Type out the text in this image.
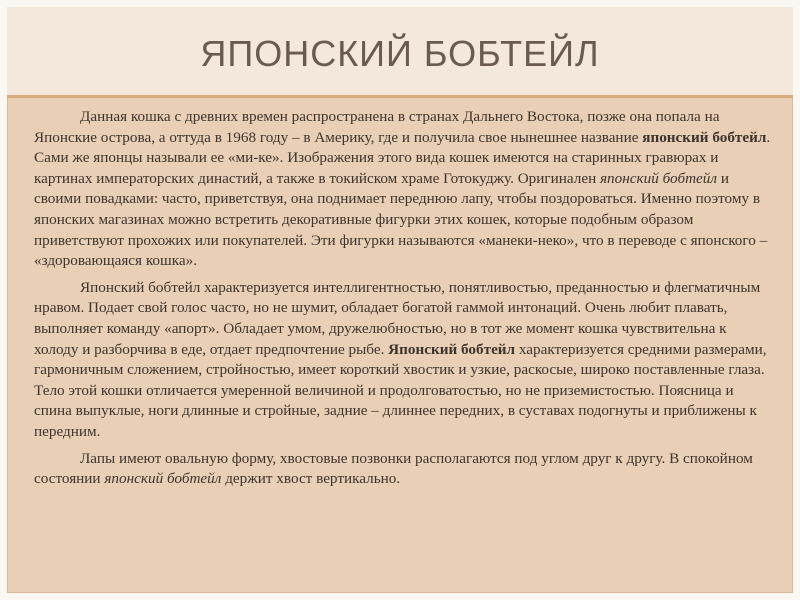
ЯПОНСКИЙ БОБТЕЙЛ

Данная кошка с древних времен распространена в странах Дальнего Востока, позже она попала на Японские острова, а оттуда в 1968 году – в Америку, где и получила свое нынешнее название японский бобтейл. Сами же японцы называли ее «ми-ке». Изображения этого вида кошек имеются на старинных гравюрах и картинах императорских династий, а также в токийском храме Готокуджу. Оригинален японский бобтейл и своими повадками: часто, приветствуя, она поднимает переднюю лапу, чтобы поздороваться. Именно поэтому в японских магазинах можно встретить декоративные фигурки этих кошек, которые подобным образом приветствуют прохожих или покупателей. Эти фигурки называются «манеки-неко», что в переводе с японского – «здоровающаяся кошка».

Японский бобтейл характеризуется интеллигентностью, понятливостью, преданностью и флегматичным нравом. Подает свой голос часто, но не шумит, обладает богатой гаммой интонаций. Очень любит плавать, выполняет команду «апорт». Обладает умом, дружелюбностью, но в тот же момент кошка чувствительна к холоду и разборчива в еде, отдает предпочтение рыбе. Японский бобтейл характеризуется средними размерами, гармоничным сложением, стройностью, имеет короткий хвостик и узкие, раскосые, широко поставленные глаза. Тело этой кошки отличается умеренной величиной и продолговатостью, но не приземистостью. Поясница и спина выпуклые, ноги длинные и стройные, задние – длиннее передних, в суставах подогнуты и приближены к передним.

Лапы имеют овальную форму, хвостовые позвонки располагаются под углом друг к другу. В спокойном состоянии японский бобтейл держит хвост вертикально.
